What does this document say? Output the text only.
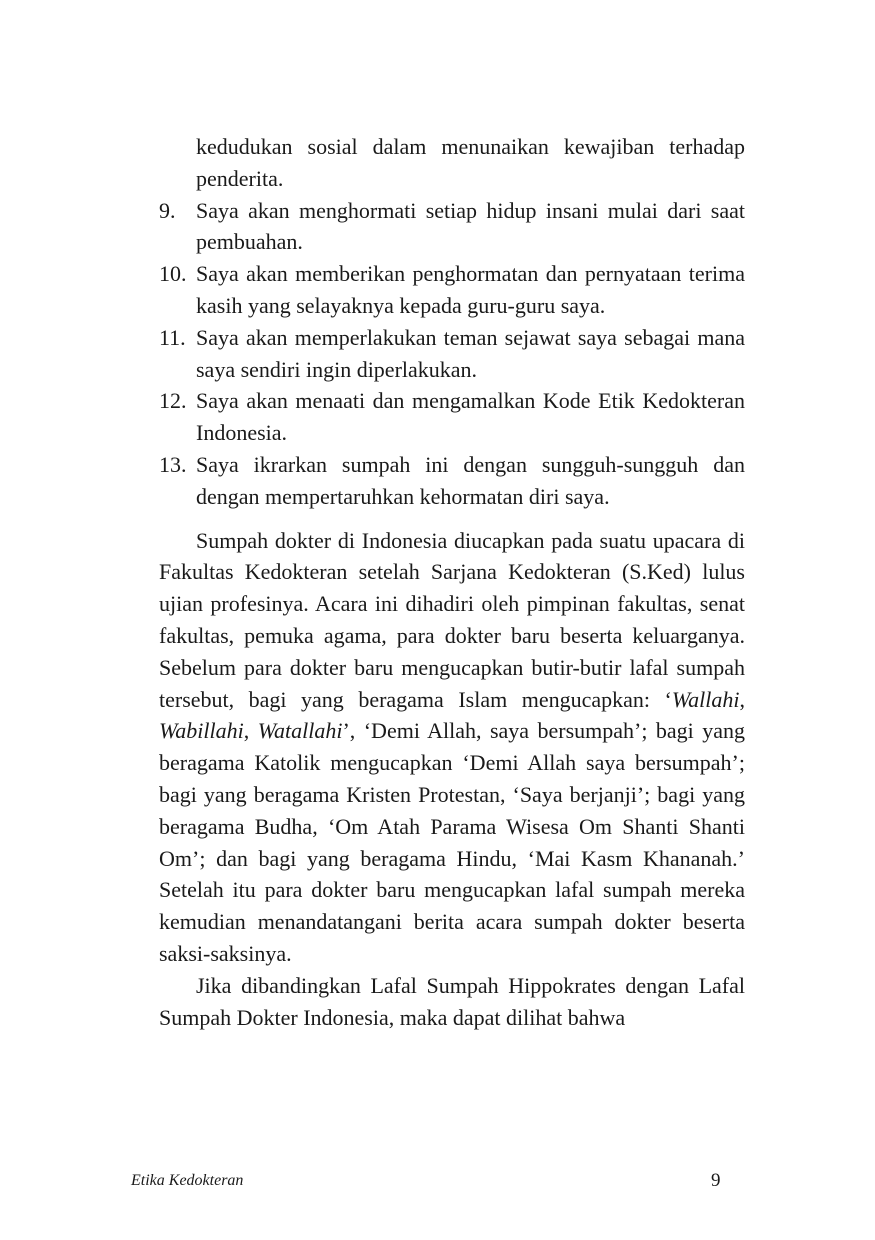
kedudukan sosial dalam menunaikan kewajiban terhadap penderita.
9. Saya akan menghormati setiap hidup insani mulai dari saat pembuahan.
10. Saya akan memberikan penghormatan dan pernyataan terima kasih yang selayaknya kepada guru-guru saya.
11. Saya akan memperlakukan teman sejawat saya sebagai mana saya sendiri ingin diperlakukan.
12. Saya akan menaati dan mengamalkan Kode Etik Kedokteran Indonesia.
13. Saya ikrarkan sumpah ini dengan sungguh-sungguh dan dengan mempertaruhkan kehormatan diri saya.

Sumpah dokter di Indonesia diucapkan pada suatu upacara di Fakultas Kedokteran setelah Sarjana Kedokteran (S.Ked) lulus ujian profesinya. Acara ini dihadiri oleh pimpinan fakultas, senat fakultas, pemuka agama, para dokter baru beserta keluarganya. Sebelum para dokter baru mengucapkan butir-butir lafal sumpah tersebut, bagi yang beragama Islam mengucapkan: ‘Wallahi, Wabillahi, Watallahi’, ‘Demi Allah, saya bersumpah’; bagi yang beragama Katolik mengucapkan ‘Demi Allah saya bersumpah’; bagi yang beragama Kristen Protestan, ‘Saya berjanji’; bagi yang beragama Budha, ‘Om Atah Parama Wisesa Om Shanti Shanti Om’; dan bagi yang beragama Hindu, ‘Mai Kasm Khananah.’ Setelah itu para dokter baru mengucapkan lafal sumpah mereka kemudian menandatangani berita acara sumpah dokter beserta saksi-saksinya.

Jika dibandingkan Lafal Sumpah Hippokrates dengan Lafal Sumpah Dokter Indonesia, maka dapat dilihat bahwa

Etika Kedokteran	9
